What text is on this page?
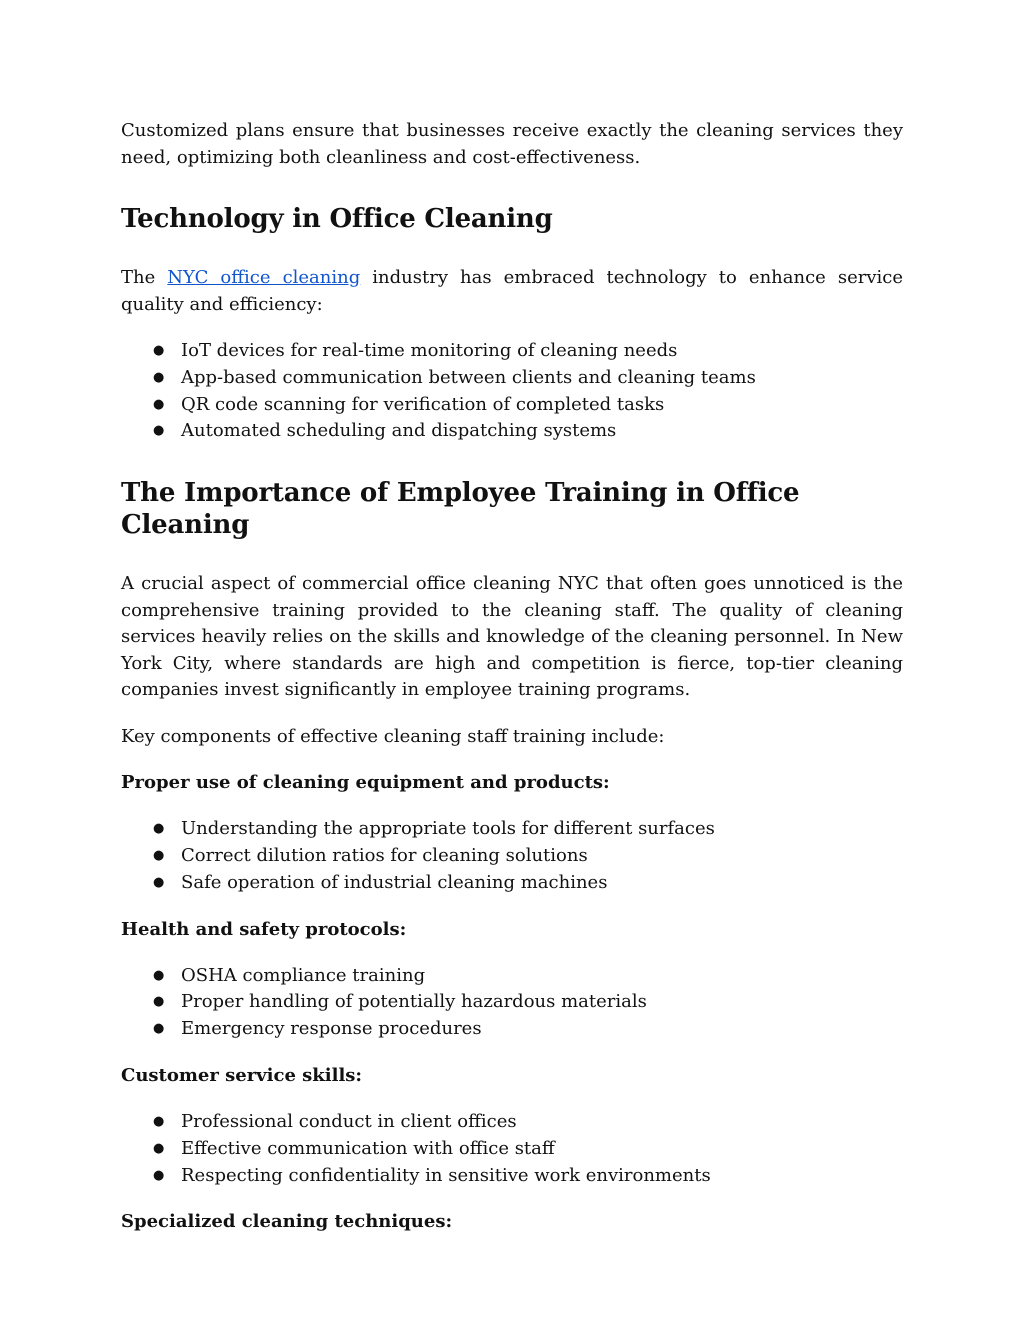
Customized plans ensure that businesses receive exactly the cleaning services they need, optimizing both cleanliness and cost-effectiveness.

Technology in Office Cleaning

The NYC office cleaning industry has embraced technology to enhance service quality and efficiency:

● IoT devices for real-time monitoring of cleaning needs
● App-based communication between clients and cleaning teams
● QR code scanning for verification of completed tasks
● Automated scheduling and dispatching systems
The Importance of Employee Training in Office Cleaning

A crucial aspect of commercial office cleaning NYC that often goes unnoticed is the comprehensive training provided to the cleaning staff. The quality of cleaning services heavily relies on the skills and knowledge of the cleaning personnel. In New York City, where standards are high and competition is fierce, top-tier cleaning companies invest significantly in employee training programs.

Key components of effective cleaning staff training include:

Proper use of cleaning equipment and products:
● Understanding the appropriate tools for different surfaces
● Correct dilution ratios for cleaning solutions
● Safe operation of industrial cleaning machines
Health and safety protocols:
● OSHA compliance training
● Proper handling of potentially hazardous materials
● Emergency response procedures
Customer service skills:
● Professional conduct in client offices
● Effective communication with office staff
● Respecting confidentiality in sensitive work environments
Specialized cleaning techniques:
